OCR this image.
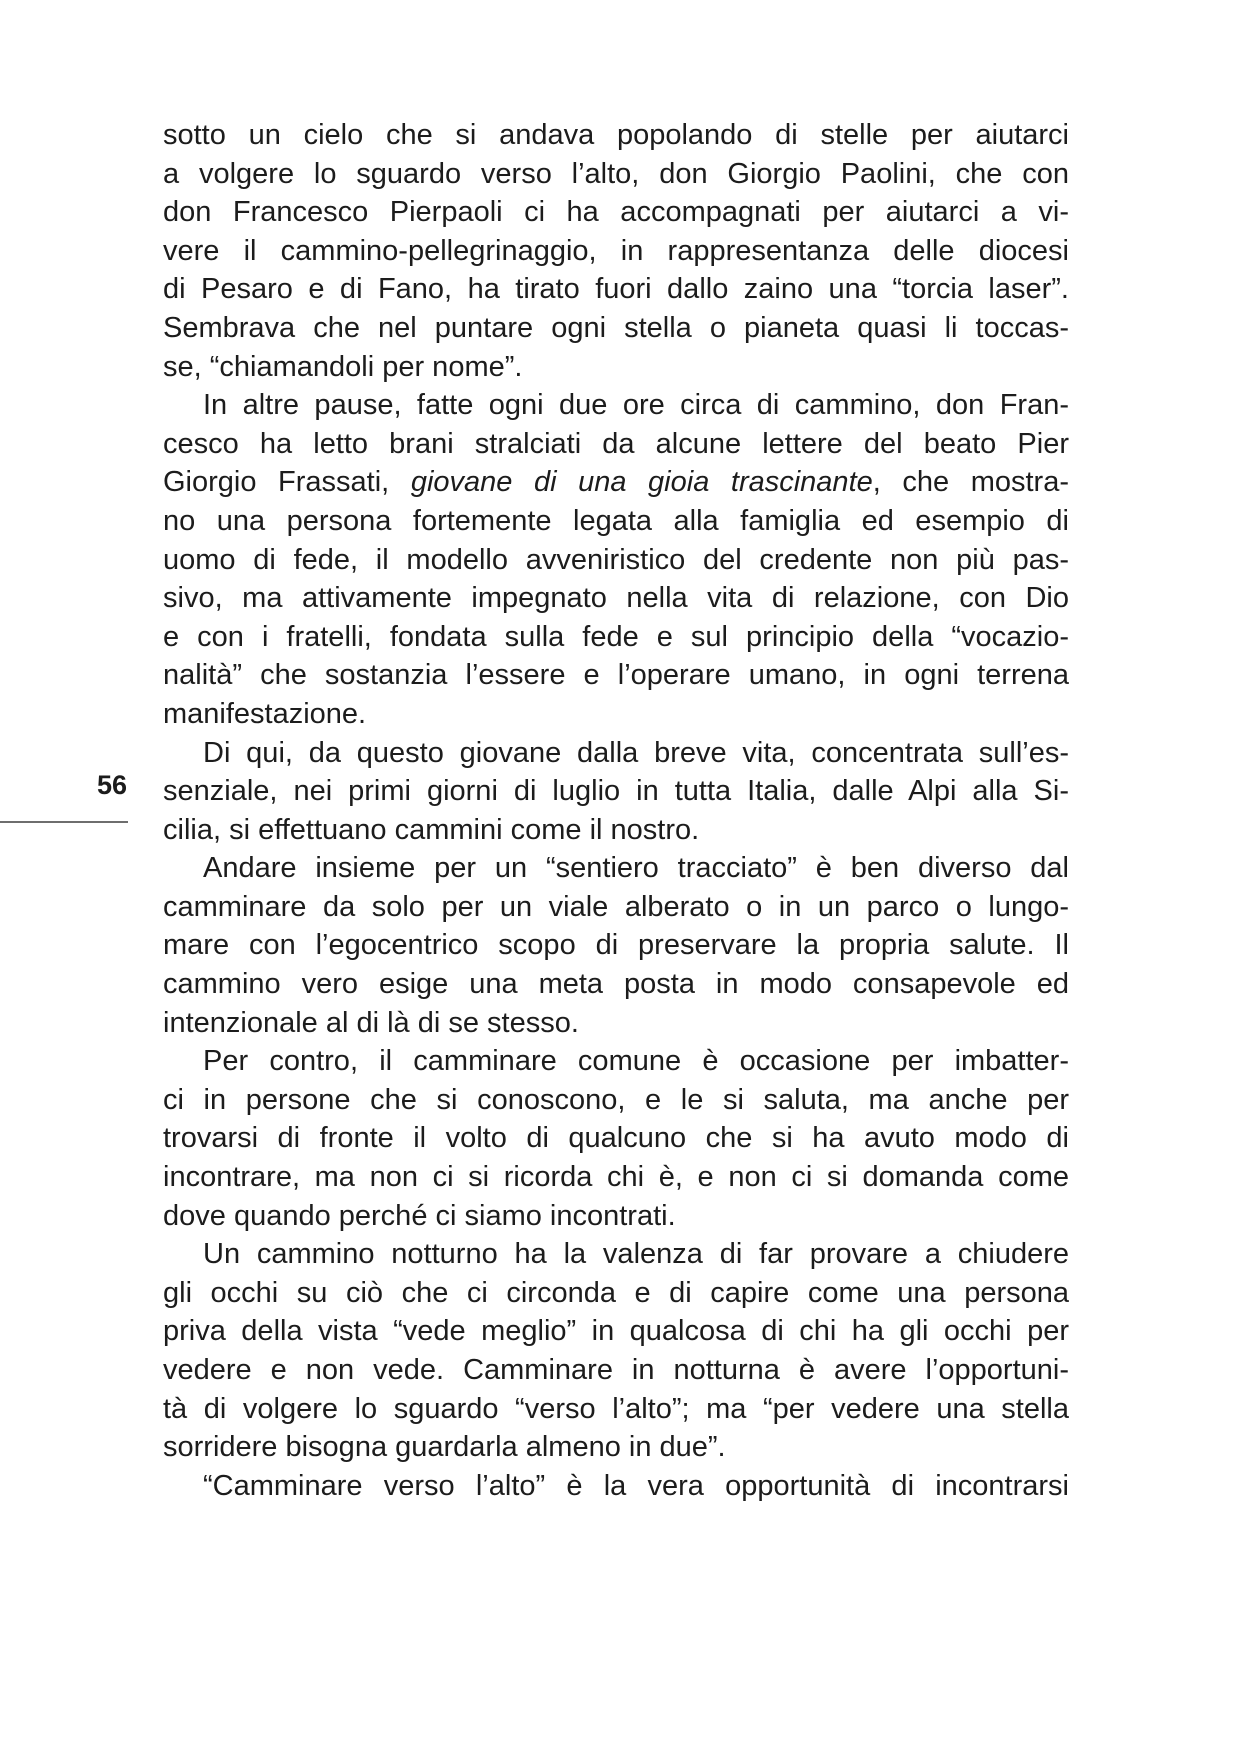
56
sotto un cielo che si andava popolando di stelle per aiutarci
a volgere lo sguardo verso l’alto, don Giorgio Paolini, che con
don Francesco Pierpaoli ci ha accompagnati per aiutarci a vi-
vere il cammino-pellegrinaggio, in rappresentanza delle diocesi
di Pesaro e di Fano, ha tirato fuori dallo zaino una “torcia laser”.
Sembrava che nel puntare ogni stella o pianeta quasi li toccas-
se, “chiamandoli per nome”.
In altre pause, fatte ogni due ore circa di cammino, don Fran-
cesco ha letto brani stralciati da alcune lettere del beato Pier
Giorgio Frassati, giovane di una gioia trascinante, che mostra-
no una persona fortemente legata alla famiglia ed esempio di
uomo di fede, il modello avveniristico del credente non più pas-
sivo, ma attivamente impegnato nella vita di relazione, con Dio
e con i fratelli, fondata sulla fede e sul principio della “vocazio-
nalità” che sostanzia l’essere e l’operare umano, in ogni terrena
manifestazione.
Di qui, da questo giovane dalla breve vita, concentrata sull’es-
senziale, nei primi giorni di luglio in tutta Italia, dalle Alpi alla Si-
cilia, si effettuano cammini come il nostro.
Andare insieme per un “sentiero tracciato” è ben diverso dal
camminare da solo per un viale alberato o in un parco o lungo-
mare con l’egocentrico scopo di preservare la propria salute. Il
cammino vero esige una meta posta in modo consapevole ed
intenzionale al di là di se stesso.
Per contro, il camminare comune è occasione per imbatter-
ci in persone che si conoscono, e le si saluta, ma anche per
trovarsi di fronte il volto di qualcuno che si ha avuto modo di
incontrare, ma non ci si ricorda chi è, e non ci si domanda come
dove quando perché ci siamo incontrati.
Un cammino notturno ha la valenza di far provare a chiudere
gli occhi su ciò che ci circonda e di capire come una persona
priva della vista “vede meglio” in qualcosa di chi ha gli occhi per
vedere e non vede. Camminare in notturna è avere l’opportuni-
tà di volgere lo sguardo “verso l’alto”; ma “per vedere una stella
sorridere bisogna guardarla almeno in due”.
“Camminare verso l’alto” è la vera opportunità di incontrarsi
